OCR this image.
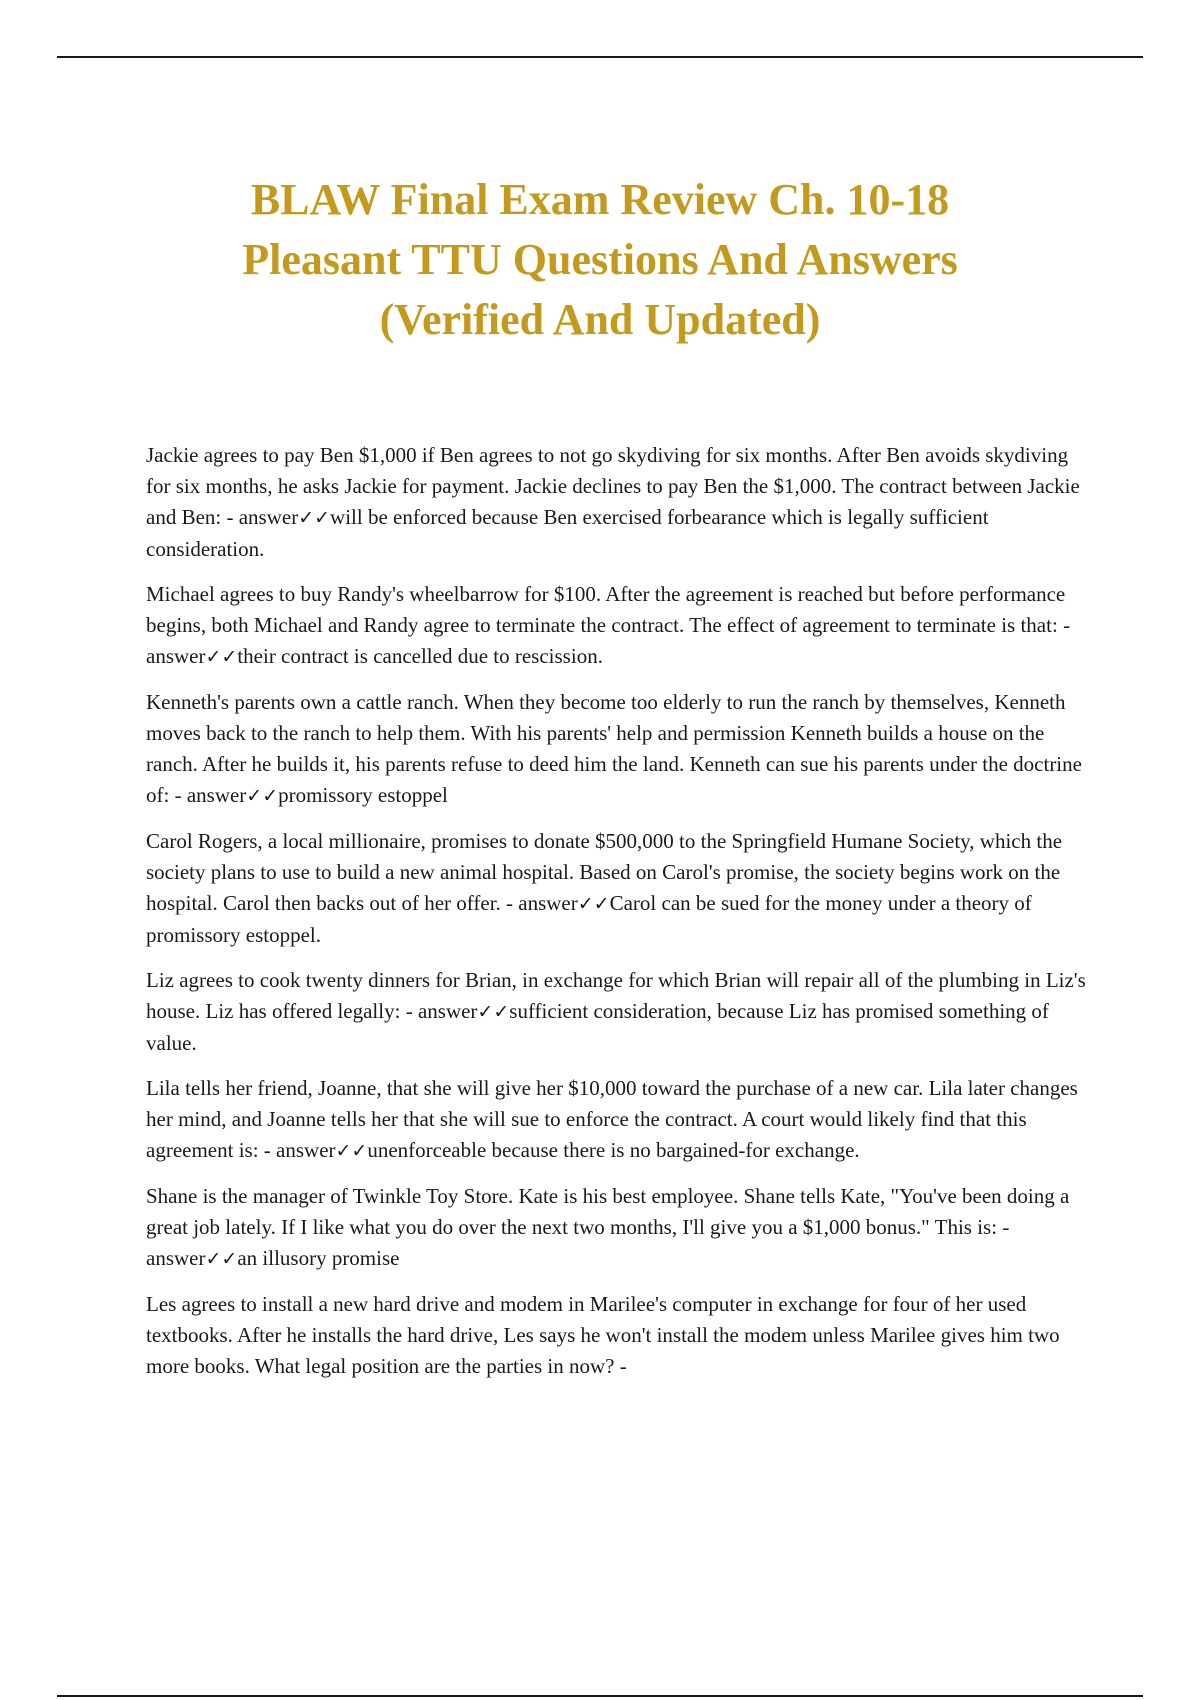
BLAW Final Exam Review Ch. 10-18
Pleasant TTU Questions And Answers
(Verified And Updated)

Jackie agrees to pay Ben $1,000 if Ben agrees to not go skydiving for six months. After Ben avoids skydiving for six months, he asks Jackie for payment. Jackie declines to pay Ben the $1,000. The contract between Jackie and Ben: - answer✓✓will be enforced because Ben exercised forbearance which is legally sufficient consideration.

Michael agrees to buy Randy's wheelbarrow for $100. After the agreement is reached but before performance begins, both Michael and Randy agree to terminate the contract. The effect of agreement to terminate is that: - answer✓✓their contract is cancelled due to rescission.

Kenneth's parents own a cattle ranch. When they become too elderly to run the ranch by themselves, Kenneth moves back to the ranch to help them. With his parents' help and permission Kenneth builds a house on the ranch. After he builds it, his parents refuse to deed him the land. Kenneth can sue his parents under the doctrine of: - answer✓✓promissory estoppel

Carol Rogers, a local millionaire, promises to donate $500,000 to the Springfield Humane Society, which the society plans to use to build a new animal hospital. Based on Carol's promise, the society begins work on the hospital. Carol then backs out of her offer. - answer✓✓Carol can be sued for the money under a theory of promissory estoppel.

Liz agrees to cook twenty dinners for Brian, in exchange for which Brian will repair all of the plumbing in Liz's house. Liz has offered legally: - answer✓✓sufficient consideration, because Liz has promised something of value.

Lila tells her friend, Joanne, that she will give her $10,000 toward the purchase of a new car. Lila later changes her mind, and Joanne tells her that she will sue to enforce the contract. A court would likely find that this agreement is: - answer✓✓unenforceable because there is no bargained-for exchange.

Shane is the manager of Twinkle Toy Store. Kate is his best employee. Shane tells Kate, "You've been doing a great job lately. If I like what you do over the next two months, I'll give you a $1,000 bonus." This is: - answer✓✓an illusory promise

Les agrees to install a new hard drive and modem in Marilee's computer in exchange for four of her used textbooks. After he installs the hard drive, Les says he won't install the modem unless Marilee gives him two more books. What legal position are the parties in now? -
